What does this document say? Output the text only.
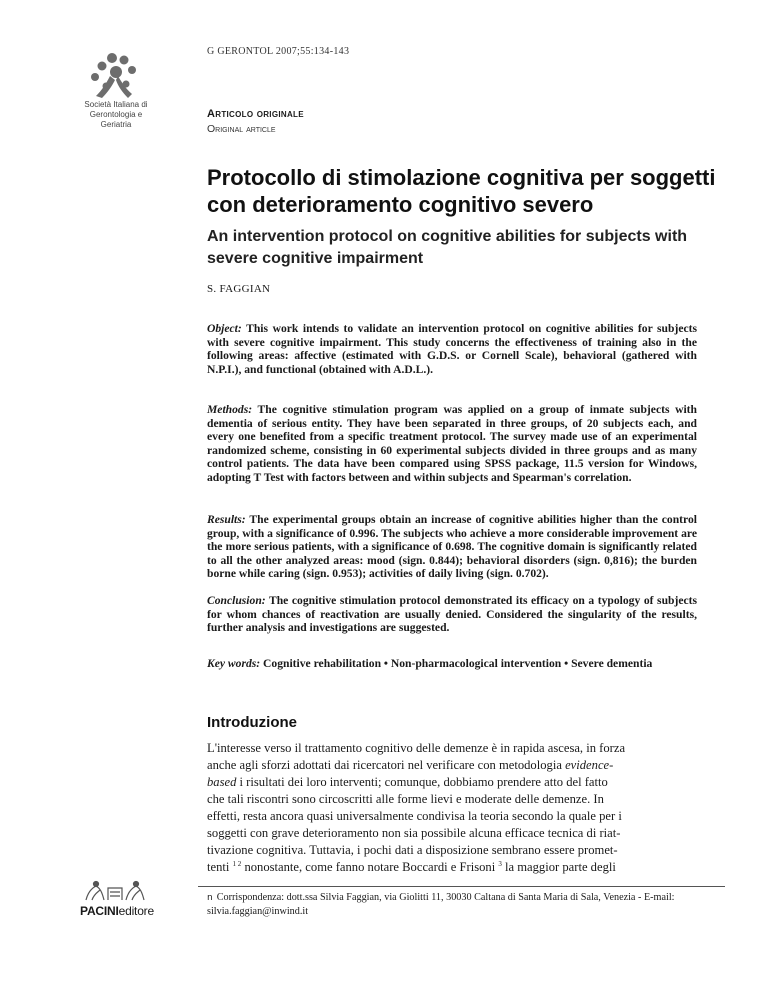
Società Italiana di
Gerontologia e
Geriatria
G GERONTOL 2007;55:134-143
Articolo originale
Original article
Protocollo di stimolazione cognitiva per soggetti
con deterioramento cognitivo severo
An intervention protocol on cognitive abilities for subjects with
severe cognitive impairment
S. FAGGIAN
Object: This work intends to validate an intervention protocol on cognitive abilities for subjects with severe cognitive impairment. This study concerns the effectiveness of training also in the following areas: affective (estimated with G.D.S. or Cornell Scale), behavioral (gathered with N.P.I.), and functional (obtained with A.D.L.).
Methods: The cognitive stimulation program was applied on a group of inmate subjects with dementia of serious entity. They have been separated in three groups, of 20 subjects each, and every one benefited from a specific treatment protocol. The survey made use of an experimental randomized scheme, consisting in 60 experimental subjects divided in three groups and as many control patients. The data have been compared using SPSS package, 11.5 version for Windows, adopting T Test with factors between and within subjects and Spearman's correlation.
Results: The experimental groups obtain an increase of cognitive abilities higher than the control group, with a significance of 0.996. The subjects who achieve a more considerable improvement are the more serious patients, with a significance of 0.698. The cognitive domain is significantly related to all the other analyzed areas: mood (sign. 0.844); behavioral disorders (sign. 0,816); the burden borne while caring (sign. 0.953); activities of daily living (sign. 0.702).
Conclusion: The cognitive stimulation protocol demonstrated its efficacy on a typology of subjects for whom chances of reactivation are usually denied. Considered the singularity of the results, further analysis and investigations are suggested.
Key words: Cognitive rehabilitation • Non-pharmacological intervention • Severe dementia
Introduzione
L'interesse verso il trattamento cognitivo delle demenze è in rapida ascesa, in forza
anche agli sforzi adottati dai ricercatori nel verificare con metodologia evidence-
based i risultati dei loro interventi; comunque, dobbiamo prendere atto del fatto
che tali riscontri sono circoscritti alle forme lievi e moderate delle demenze. In
effetti, resta ancora quasi universalmente condivisa la teoria secondo la quale per i
soggetti con grave deterioramento non sia possibile alcuna efficace tecnica di riat-
tivazione cognitiva. Tuttavia, i pochi dati a disposizione sembrano essere promet-
tenti $^{1 2}$ nonostante, come fanno notare Boccardi e Frisoni $^3$ la maggior parte degli
n Corrispondenza: dott.ssa Silvia Faggian, via Giolitti 11, 30030 Caltana di Santa Maria di Sala, Venezia - E-mail: silvia.faggian@inwind.it
PACINIeditore
